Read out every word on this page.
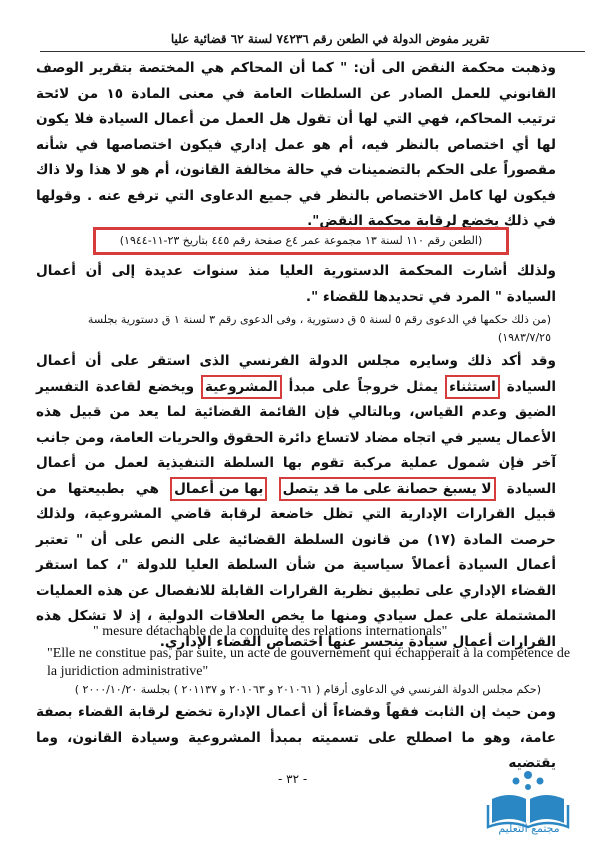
تقرير مفوض الدولة في الطعن رقم ٧٤٢٣٦ لسنة ٦٢ قضائية عليا
وذهبت محكمة النقض الى أن: " كما أن المحاكم هي المختصة بتقرير الوصف القانوني للعمل الصادر عن السلطات العامة في معنى المادة ١٥ من لائحة ترتيب المحاكم، فهي التي لها أن تقول هل العمل من أعمال السيادة فلا يكون لها أي اختصاص بالنظر فيه، أم هو عمل إداري فيكون اختصاصها في شأنه مقصوراً على الحكم بالتضمينات في حالة مخالفة القانون، أم هو لا هذا ولا ذاك فيكون لها كامل الاختصاص بالنظر في جميع الدعاوى التي ترفع عنه . وقولها في ذلك يخضع لرقابة محكمة النقض".
(الطعن رقم ١١٠ لسنة ١٣ مجموعة عمر ٤ع صفحة رقم ٤٤٥ بتاريخ ٢٣-١١-١٩٤٤)
ولذلك أشارت المحكمة الدستورية العليا منذ سنوات عديدة إلى أن أعمال السيادة " المرد في تحديدها للقضاء ".
(من ذلك حكمها في الدعوى رقم ٥ لسنة ٥ ق دستورية ، وفى الدعوى رقم ٣ لسنة ١ ق دستورية بجلسة ١٩٨٣/٧/٢٥)
وقد أكد ذلك وسايره مجلس الدولة الفرنسي الذى استقر على أن أعمال السيادة استثناء يمثل خروجاً على مبدأ المشروعية ويخضع لقاعدة التفسير الضيق وعدم القياس، وبالتالي فإن القائمة القضائية لما يعد من قبيل هذه الأعمال يسير في اتجاه مضاد لاتساع دائرة الحقوق والحريات العامة، ومن جانب آخر فإن شمول عملية مركبة تقوم بها السلطة التنفيذية لعمل من أعمال السيادة لا يسبغ حصانة على ما قد يتصل بها من أعمال هي بطبيعتها من قبيل القرارات الإدارية التي تظل خاضعة لرقابة قاضي المشروعية، ولذلك حرصت المادة (١٧) من قانون السلطة القضائية على النص على أن " تعتبر أعمال السيادة أعمالاً سياسية من شأن السلطة العليا للدولة "، كما استقر القضاء الإداري على تطبيق نظرية القرارات القابلة للانفصال عن هذه العمليات المشتملة على عمل سيادي ومنها ما يخص العلاقات الدولية ، إذ لا تشكل هذه القرارات أعمال سيادة ينحسر عنها اختصاص القضاء الإداري.
" mesure détachable de la conduite des relations internationals"
"Elle ne constitue pas, par suite, un acte de gouvernement qui échapperait à la compétence de la juridiction administrative"
(حكم مجلس الدولة الفرنسي في الدعاوى أرقام ( ٢٠١٠٦١ و ٢٠١٠٦٣ و ٢٠١١٣٧ ) بجلسة ٢٠٠٠/١٠/٢٠ )
ومن حيث إن الثابت فقهاً وقضاءاً أن أعمال الإدارة تخضع لرقابة القضاء بصفة عامة، وهو ما اصطلح على تسميته بمبدأ المشروعية وسيادة القانون، وما يقتضيه
- ٣٢ -
مجتمع التعليم
